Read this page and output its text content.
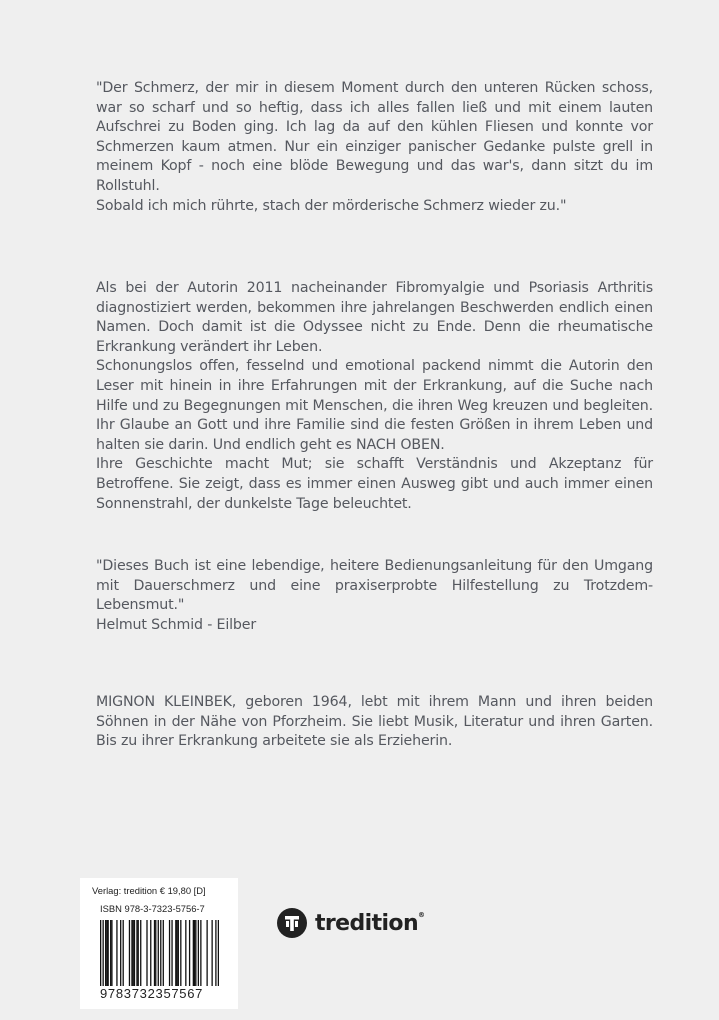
"Der Schmerz, der mir in diesem Moment durch den unteren Rücken schoss, war so scharf und so heftig, dass ich alles fallen ließ und mit einem lauten Aufschrei zu Boden ging. Ich lag da auf den kühlen Fliesen und konnte vor Schmerzen kaum atmen. Nur ein einziger panischer Gedanke pulste grell in meinem Kopf - noch eine blöde Bewegung und das war's, dann sitzt du im Rollstuhl.

Sobald ich mich rührte, stach der mörderische Schmerz wieder zu."

Als bei der Autorin 2011 nacheinander Fibromyalgie und Psoriasis Arthritis diagnostiziert werden, bekommen ihre jahrelangen Beschwerden endlich einen Namen. Doch damit ist die Odyssee nicht zu Ende. Denn die rheumatische Erkrankung verändert ihr Leben.

Schonungslos offen, fesselnd und emotional packend nimmt die Autorin den Leser mit hinein in ihre Erfahrungen mit der Erkrankung, auf die Suche nach Hilfe und zu Begegnungen mit Menschen, die ihren Weg kreuzen und begleiten. Ihr Glaube an Gott und ihre Familie sind die festen Größen in ihrem Leben und halten sie darin. Und endlich geht es NACH OBEN.

Ihre Geschichte macht Mut; sie schafft Verständnis und Akzeptanz für Betroffene. Sie zeigt, dass es immer einen Ausweg gibt und auch immer einen Sonnenstrahl, der dunkelste Tage beleuchtet.

"Dieses Buch ist eine lebendige, heitere Bedienungsanleitung für den Umgang mit Dauerschmerz und eine praxiserprobte Hilfestellung zu Trotzdem-Lebensmut."

Helmut Schmid - Eilber

MIGNON KLEINBEK, geboren 1964, lebt mit ihrem Mann und ihren beiden Söhnen in der Nähe von Pforzheim. Sie liebt Musik, Literatur und ihren Garten. Bis zu ihrer Erkrankung arbeitete sie als Erzieherin.

Verlag: tredition € 19,80 [D]
ISBN 978-3-7323-5756-7
9783732357567
tredition®
